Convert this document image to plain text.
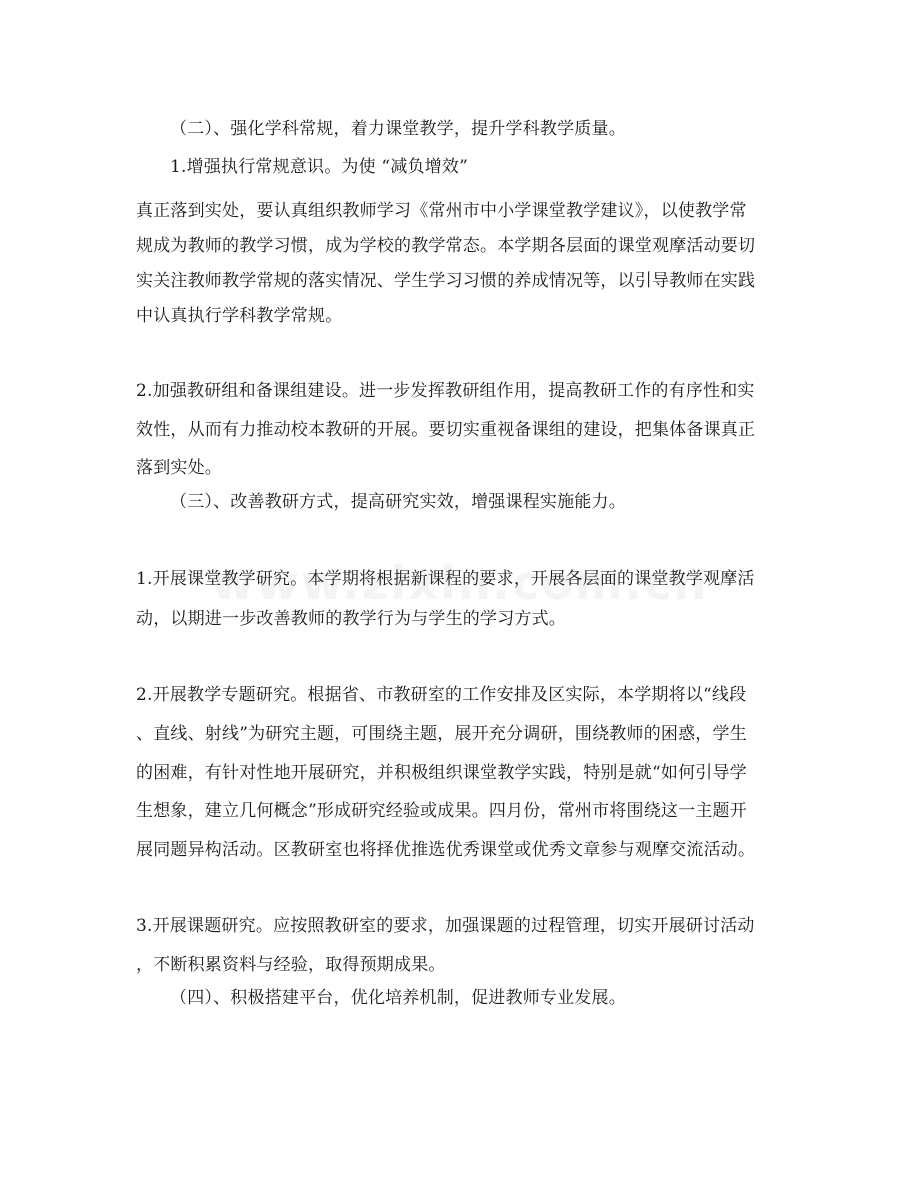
（二）、强化学科常规，着力课堂教学，提升学科教学质量。
1.增强执行常规意识。为使 “减负增效”
真正落到实处，要认真组织教师学习《常州市中小学课堂教学建议》，以使教学常
规成为教师的教学习惯，成为学校的教学常态。本学期各层面的课堂观摩活动要切
实关注教师教学常规的落实情况、学生学习习惯的养成情况等，以引导教师在实践
中认真执行学科教学常规。
2.加强教研组和备课组建设。进一步发挥教研组作用，提高教研工作的有序性和实
效性，从而有力推动校本教研的开展。要切实重视备课组的建设，把集体备课真正
落到实处。
（三）、改善教研方式，提高研究实效，增强课程实施能力。
1.开展课堂教学研究。本学期将根据新课程的要求，开展各层面的课堂教学观摩活
动，以期进一步改善教师的教学行为与学生的学习方式。
2.开展教学专题研究。根据省、市教研室的工作安排及区实际，本学期将以“线段
、直线、射线”为研究主题，可围绕主题，展开充分调研，围绕教师的困惑，学生
的困难，有针对性地开展研究，并积极组织课堂教学实践，特别是就“如何引导学
生想象，建立几何概念”形成研究经验或成果。四月份，常州市将围绕这一主题开
展同题异构活动。区教研室也将择优推选优秀课堂或优秀文章参与观摩交流活动。
3.开展课题研究。应按照教研室的要求，加强课题的过程管理，切实开展研讨活动
，不断积累资料与经验，取得预期成果。
（四）、积极搭建平台，优化培养机制，促进教师专业发展。
